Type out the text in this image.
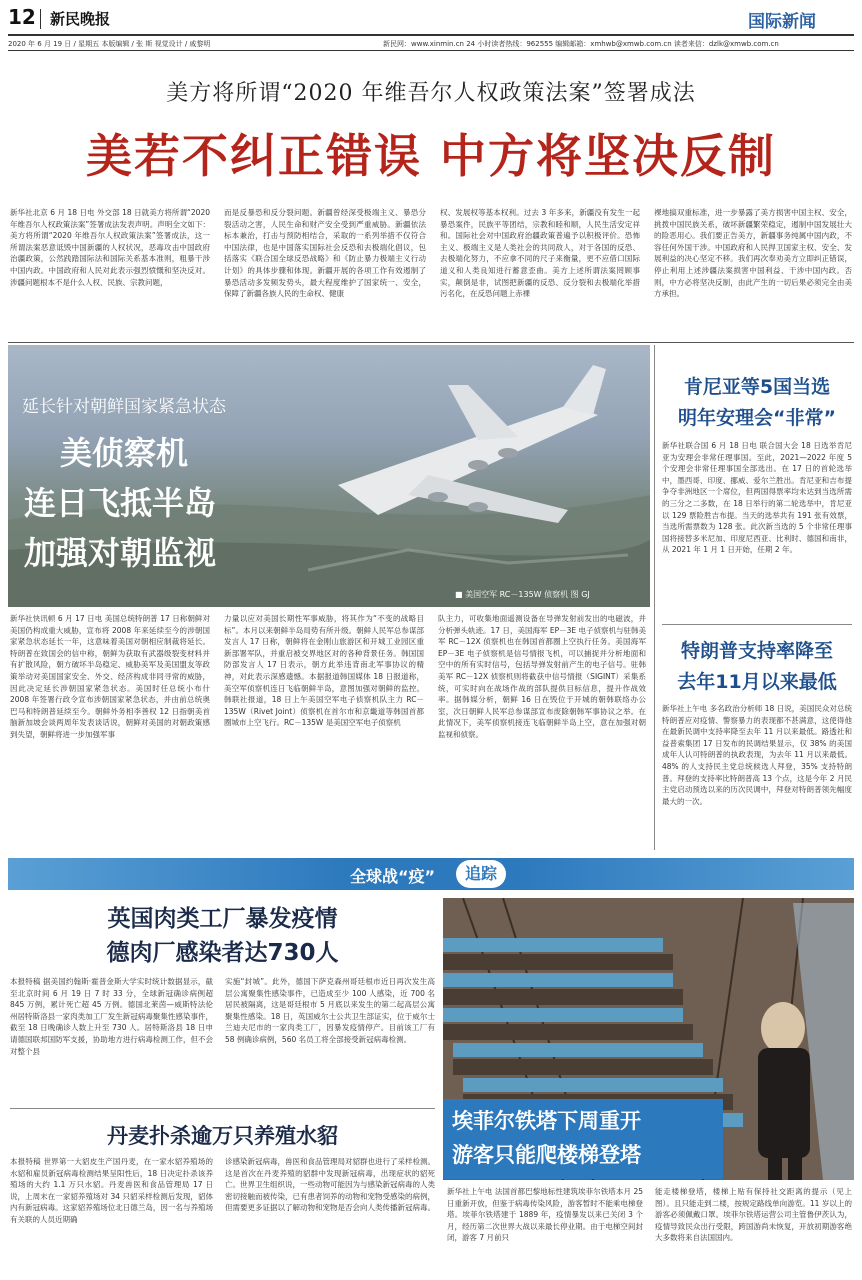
12 新民晚报	国际新闻
2020 年 6 月 19 日 / 星期五 本版编辑 / 张 斯 视觉设计 / 戚黎明	新民网：www.xinmin.cn 24 小时读者热线：962555 编辑邮箱：xmhwb@xmwb.com.cn 读者来信：dzlk@xmwb.com.cn
美方将所谓“2020 年维吾尔人权政策法案”签署成法
美若不纠正错误 中方将坚决反制
新华社北京 6 月 18 日电 外交部 18 日就美方将所谓“2020 年维吾尔人权政策法案”签署成法发表声明。声明全文如下：美方将所谓“2020 年维吾尔人权政策法案”签署成法，这一所谓法案恶意诋毁中国新疆的人权状况，恶毒攻击中国政府治疆政策，公然践踏国际法和国际关系基本准则，粗暴干涉中国内政。中国政府和人民对此表示强烈愤慨和坚决反对。涉疆问题根本不是什么人权、民族、宗教问题，
而是反暴恐和反分裂问题。新疆曾经深受极端主义、暴恐分裂活动之害，人民生命和财产安全受到严重威胁。新疆依法标本兼治，打击与预防相结合，采取的一系列举措不仅符合中国法律，也是中国落实国际社会反恐和去极端化倡议，包括落实《联合国全球反恐战略》和《防止暴力极端主义行动计划》的具体步骤和体现。新疆开展的各项工作有效遏制了暴恐活动多发频发势头，最大程度维护了国家统一、安全，保障了新疆各族人民的生命权、健康
权、发展权等基本权利。过去 3 年多来，新疆没有发生一起暴恐案件，民族平等团结，宗教和睦和顺，人民生活安定祥和。国际社会对中国政府治疆政策普遍予以积极评价。恐怖主义、极端主义是人类社会的共同敌人，对于各国的反恐、去极端化努力，不应拿不同的尺子来衡量，更不应借口国际道义和人类良知进行蓄意歪曲。美方上述所谓法案罔顾事实，颠倒是非，试图把新疆的反恐、反分裂和去极端化举措污名化，在反恐问题上赤裸
裸地搞双重标准，进一步暴露了美方损害中国主权、安全，挑拨中国民族关系，破坏新疆繁荣稳定，遏制中国发展壮大的险恶用心。我们要正告美方，新疆事务纯属中国内政，不容任何外国干涉。中国政府和人民捍卫国家主权、安全、发展利益的决心坚定不移。我们再次奉劝美方立即纠正错误，停止利用上述涉疆法案损害中国利益、干涉中国内政。否则，中方必将坚决反制，由此产生的一切后果必须完全由美方承担。
延长针对朝鲜国家紧急状态
美侦察机
连日飞抵半岛
加强对朝监视
■ 美国空军 RC－135W 侦察机 图 GJ
新华社快讯顿 6 月 17 日电 美国总统特朗普 17 日称朝鲜对美国仍构成重大威胁，宣布将 2008 年来延续至今的涉朝国家紧急状态延长一年，这意味着美国对朝相应制裁将延长。特朗普在致国会的信中称，朝鲜为获取有武器级裂变材料并有扩散风险，朝方破坏半岛稳定、威胁美军及美国盟友等政策举动对美国国家安全、外交、经济构成非同寻常的威胁，因此决定延长涉朝国家紧急状态。美国时任总统小布什 2008 年签署行政令宣布涉朝国家紧急状态，并由前总统奥巴马和特朗普延续至今。朝鲜外务相李善权 12 日指朝美首脑新加坡会谈两周年发表谈话说，朝鲜对美国的对朝政策感到失望，朝鲜将进一步加强军事
力量以应对美国长期性军事威胁，将其作为“不变的战略目标”。本月以来朝鲜半岛局势有所升级。朝鲜人民军总参谋部发言人 17 日称，朝鲜将在金刚山旅游区和开城工业园区重新部署军队，并重启被交界地区对的各种背景任务。韩国国防部发言人 17 日表示，朝方此举违背南北军事协议的精神，对此表示深感遗憾。本据报道韩国媒体 18 日报道称，美空军侦察机连日飞临朝鲜半岛，意图加强对朝鲜的监控。韩联社报道，18 日上午美国空军电子侦察机队主力 RC－135W（Rivet Joint）侦察机在首尔市和京畿道等韩国首都圈城市上空飞行。RC－135W 是美国空军电子侦察机
队主力，可收集地面遥测设备在导弹发射前发出的电磁波，并分析弹头轨迹。17 日，美国海军 EP－3E 电子侦察机与驻韩美军 RC－12X 侦察机也在韩国首都圈上空执行任务。美国海军 EP－3E 电子侦察机是信号情报飞机，可以捕捉并分析地面和空中的所有实时信号，包括导弹发射前产生的电子信号。驻韩美军 RC－12X 侦察机则将截获中信号情报（SIGINT）采集系统，可实时向在战场作战的部队提供目标信息，提升作战效率。据韩媒分析，朝鲜 16 日在毁位于开城的朝韩联络办公室，次日朝鲜人民军总参谋部宣布废除朝韩军事协议之举。在此情况下，美军侦察机接连飞临朝鲜半岛上空，意在加强对朝监视和侦察。
肯尼亚等5国当选
明年安理会“非常”
新华社联合国 6 月 18 日电 联合国大会 18 日选举肯尼亚为安理会非常任理事国。至此，2021—2022 年度 5 个安理会非常任理事国全部选出。在 17 日的首轮选举中，墨西哥、印度、挪威、爱尔兰胜出。肯尼亚和吉布提争夺非洲地区一个席位，但两国得票率均未达到当选所需的三分之二多数，在 18 日举行的第二轮选举中，肯尼亚以 129 票险胜吉布提。当天的选举共有 191 张有效票，当选所需票数为 128 张。此次新当选的 5 个非常任理事国将接替多米尼加、印度尼西亚、比利时、德国和南非，从 2021 年 1 月 1 日开始，任期 2 年。
特朗普支持率降至
去年11月以来最低
新华社上午电 多名政治分析师 18 日说，美国民众对总统特朗普应对疫情、警察暴力的表现都不甚满意，这使得他在最新民调中支持率降至去年 11 月以来最低。路透社和益普索集团 17 日发布的民调结果显示，仅 38% 的美国成年人认可特朗普的执政表现，为去年 11 月以来最低。48% 的人支持民主党总统候选人拜登，35% 支持特朗普。拜登的支持率比特朗普高 13 个点，这是今年 2 月民主党启动预选以来的历次民调中，拜登对特朗普领先幅度最大的一次。
全球战“疫”	追踪
英国肉类工厂暴发疫情
德肉厂感染者达730人
本报特稿 据美国约翰斯·霍普金斯大学实时统计数据显示，截至北京时间 6 月 19 日 7 时 33 分，全球新冠确诊病例超 845 万例，累计死亡超 45 万例。德国北莱茵—威斯特法伦州居特斯洛县一家肉类加工厂发生新冠病毒聚集性感染事件，截至 18 日晚确诊人数上升至 730 人。居特斯洛县 18 日申请德国联邦国防军支援，协助地方进行病毒检测工作，但不会对整个县
实施“封城”。此外，德国下萨克森州哥廷根市近日再次发生高层公寓聚集性感染事件，已造成至少 100 人感染，近 700 名居民被隔离，这是哥廷根市 5 月底以来发生的第二起高层公寓聚集性感染。18 日，英国威尔士公共卫生部证实，位于威尔士兰迪夫尼市的一家肉类工厂，因暴发疫情停产。目前该工厂有 58 例确诊病例，560 名员工将全部接受新冠病毒检测。
丹麦扑杀逾万只养殖水貂
本报特稿 世界第一大貂皮生产国丹麦，在一家水貂养殖场的水貂和雇员新冠病毒检测结果呈阳性后，18 日决定扑杀该养殖场的大约 1.1 万只水貂。丹麦兽医和食品管理局 17 日说，上周末在一家貂养殖场对 34 只貂采样检测后发现，貂体内有新冠病毒。这家貂养殖场位北日德兰岛，因一名与养殖场有关联的人员近期确
诊感染新冠病毒，兽医和食品管理局对貂群也进行了采样检测。这是首次在丹麦养殖的貂群中发现新冠病毒，出现症状的貂死亡。世界卫生组织说，一些动物可能因为与感染新冠病毒的人类密切接触而被传染，已有患者饲养的动物和宠物受感染的病例，但需要更多证据以了解动物和宠物是否会向人类传播新冠病毒。
埃菲尔铁塔下周重开
游客只能爬楼梯登塔
新华社上午电 法国首都巴黎地标性建筑埃菲尔铁塔本月 25 日重新开放，但鉴于病毒传染风险，游客暂时不能乘电梯登塔。埃菲尔铁塔建于 1889 年，疫情暴发以来已关闭 3 个月，经历第二次世界大战以来最长停业期。由于电梯空间封闭，游客 7 月前只
能走楼梯登塔，楼梯上贴有保持社交距离的提示（见上图）。且只能走到二楼，按规定路线单向游览。11 岁以上的游客必须佩戴口罩。埃菲尔铁塔运营公司主管鲁伊茨认为，疫情导致民众出行受限，跨国游尚未恢复，开放初期游客绝大多数将来自法国国内。
